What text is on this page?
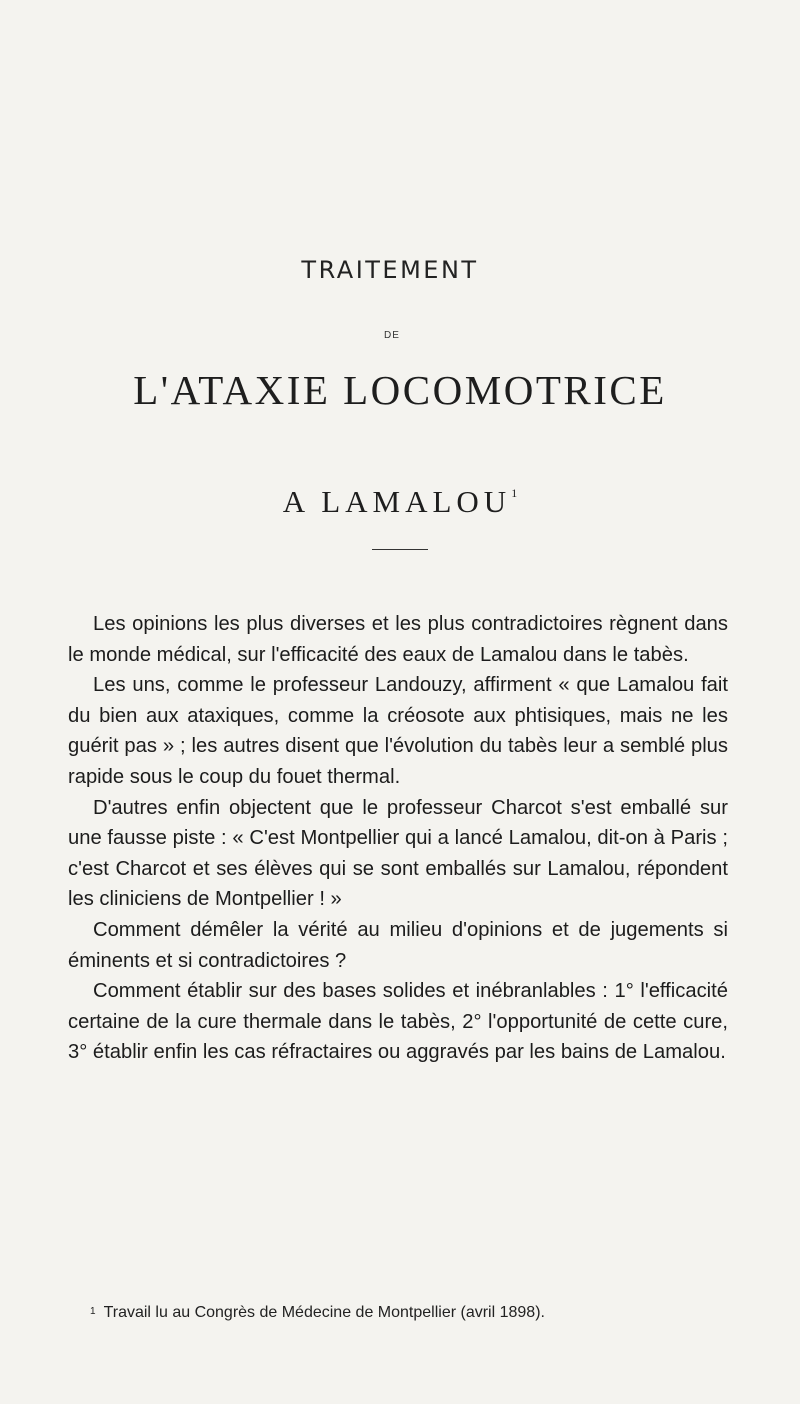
TRAITEMENT
DE
L'ATAXIE LOCOMOTRICE
A LAMALOU$^1$

Les opinions les plus diverses et les plus contradictoires règnent dans le monde médical, sur l'efficacité des eaux de Lamalou dans le tabès.

Les uns, comme le professeur Landouzy, affirment « que Lamalou fait du bien aux ataxiques, comme la créosote aux phtisiques, mais ne les guérit pas » ; les autres disent que l'évolution du tabès leur a semblé plus rapide sous le coup du fouet thermal.

D'autres enfin objectent que le professeur Charcot s'est emballé sur une fausse piste : « C'est Montpellier qui a lancé Lamalou, dit-on à Paris ; c'est Charcot et ses élèves qui se sont emballés sur Lamalou, répondent les cliniciens de Montpellier ! »

Comment démêler la vérité au milieu d'opinions et de jugements si éminents et si contradictoires ?

Comment établir sur des bases solides et inébranlables : 1° l'efficacité certaine de la cure thermale dans le tabès, 2° l'opportunité de cette cure, 3° établir enfin les cas réfractaires ou aggravés par les bains de Lamalou.

$^1$ Travail lu au Congrès de Médecine de Montpellier (avril 1898).
